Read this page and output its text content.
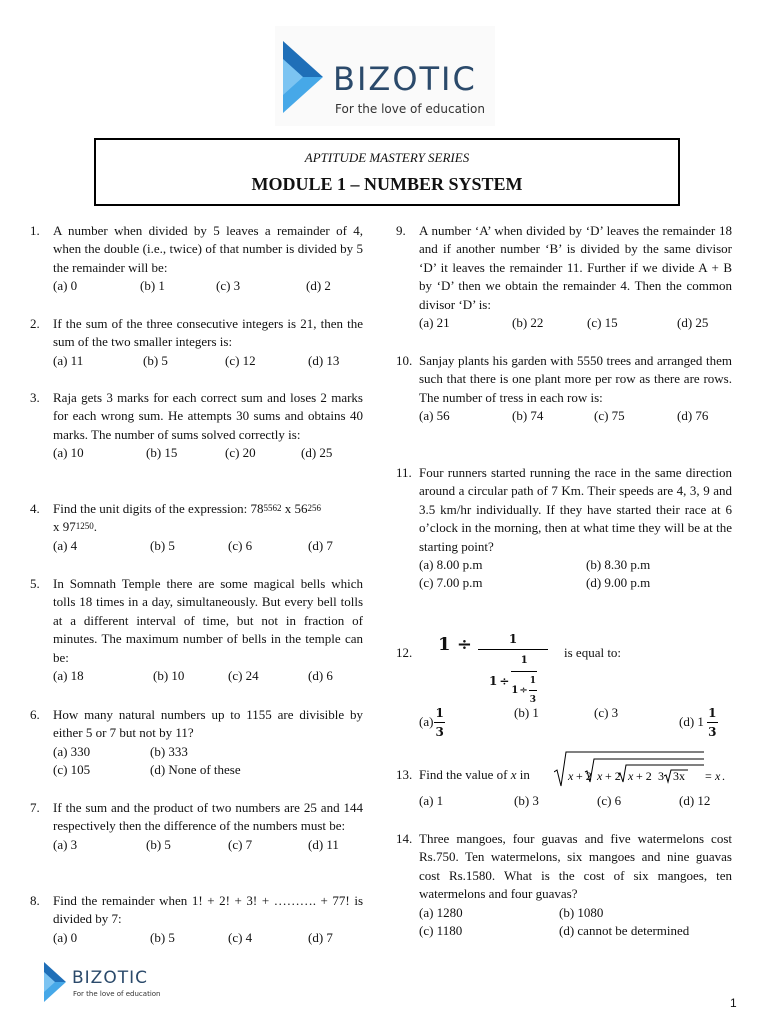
BIZOTIC
For the love of education
APTITUDE MASTERY SERIES
MODULE 1 – NUMBER SYSTEM
1. A number when divided by 5 leaves a remainder of 4, when the double (i.e., twice) of that number is divided by 5 the remainder will be:
(a) 0	(b) 1	(c) 3	(d) 2
2. If the sum of the three consecutive integers is 21, then the sum of the two smaller integers is:
(a) 11	(b) 5	(c) 12	(d) 13
3. Raja gets 3 marks for each correct sum and loses 2 marks for each wrong sum. He attempts 30 sums and obtains 40 marks. The number of sums solved correctly is:
(a) 10	(b) 15	(c) 20	(d) 25
4. Find the unit digits of the expression: $78^{5562}$ x $56^{256}$
x $97^{1250}$.
(a) 4	(b) 5	(c) 6	(d) 7
5. In Somnath Temple there are some magical bells which tolls 18 times in a day, simultaneously. But every bell tolls at a different interval of time, but not in fraction of minutes. The maximum number of bells in the temple can be:
(a) 18	(b) 10	(c) 24	(d) 6
6. How many natural numbers up to 1155 are divisible by either 5 or 7 but not by 11?
(a) 330	(b) 333
(c) 105	(d) None of these
7. If the sum and the product of two numbers are 25 and 144 respectively then the difference of the numbers must be:
(a) 3	(b) 5	(c) 7	(d) 11
8. Find the remainder when 1! + 2! + 3! + ………. + 77! is divided by 7:
(a) 0	(b) 5	(c) 4	(d) 7
9. A number ‘A’ when divided by ‘D’ leaves the remainder 18 and if another number ‘B’ is divided by the same divisor ‘D’ it leaves the remainder 11. Further if we divide A + B by ‘D’ then we obtain the remainder 4. Then the common divisor ‘D’ is:
(a) 21	(b) 22	(c) 15	(d) 25
10. Sanjay plants his garden with 5550 trees and arranged them such that there is one plant more per row as there are rows. The number of tress in each row is:
(a) 56	(b) 74	(c) 75	(d) 76
11. Four runners started running the race in the same direction around a circular path of 7 Km. Their speeds are 4, 3, 9 and 3.5 km/hr individually. If they have started their race at 6 o’clock in the morning, then at what time they will be at the starting point?
(a) 8.00 p.m	(b) 8.30 p.m
(c) 7.00 p.m	(d) 9.00 p.m
12. 1 ÷	1
$1 \div \frac{1}{1 \div \frac{1}{3}}$ is equal to:
$(a) \frac{1}{3}$	(b) 1	(c) 3
(d) $1 \frac{1}{3}$
13. Find the value of x in	x + 2 x + 2 x + 2 3 3x = x .
(a) 1	(b) 3	(c) 6	(d) 12
14. Three mangoes, four guavas and five watermelons cost Rs.750. Ten watermelons, six mangoes and nine guavas cost Rs.1580. What is the cost of six mangoes, ten watermelons and four guavas?
(a) 1280	(b) 1080
(c) 1180	(d) cannot be determined
BIZOTIC
For the love of education
1
